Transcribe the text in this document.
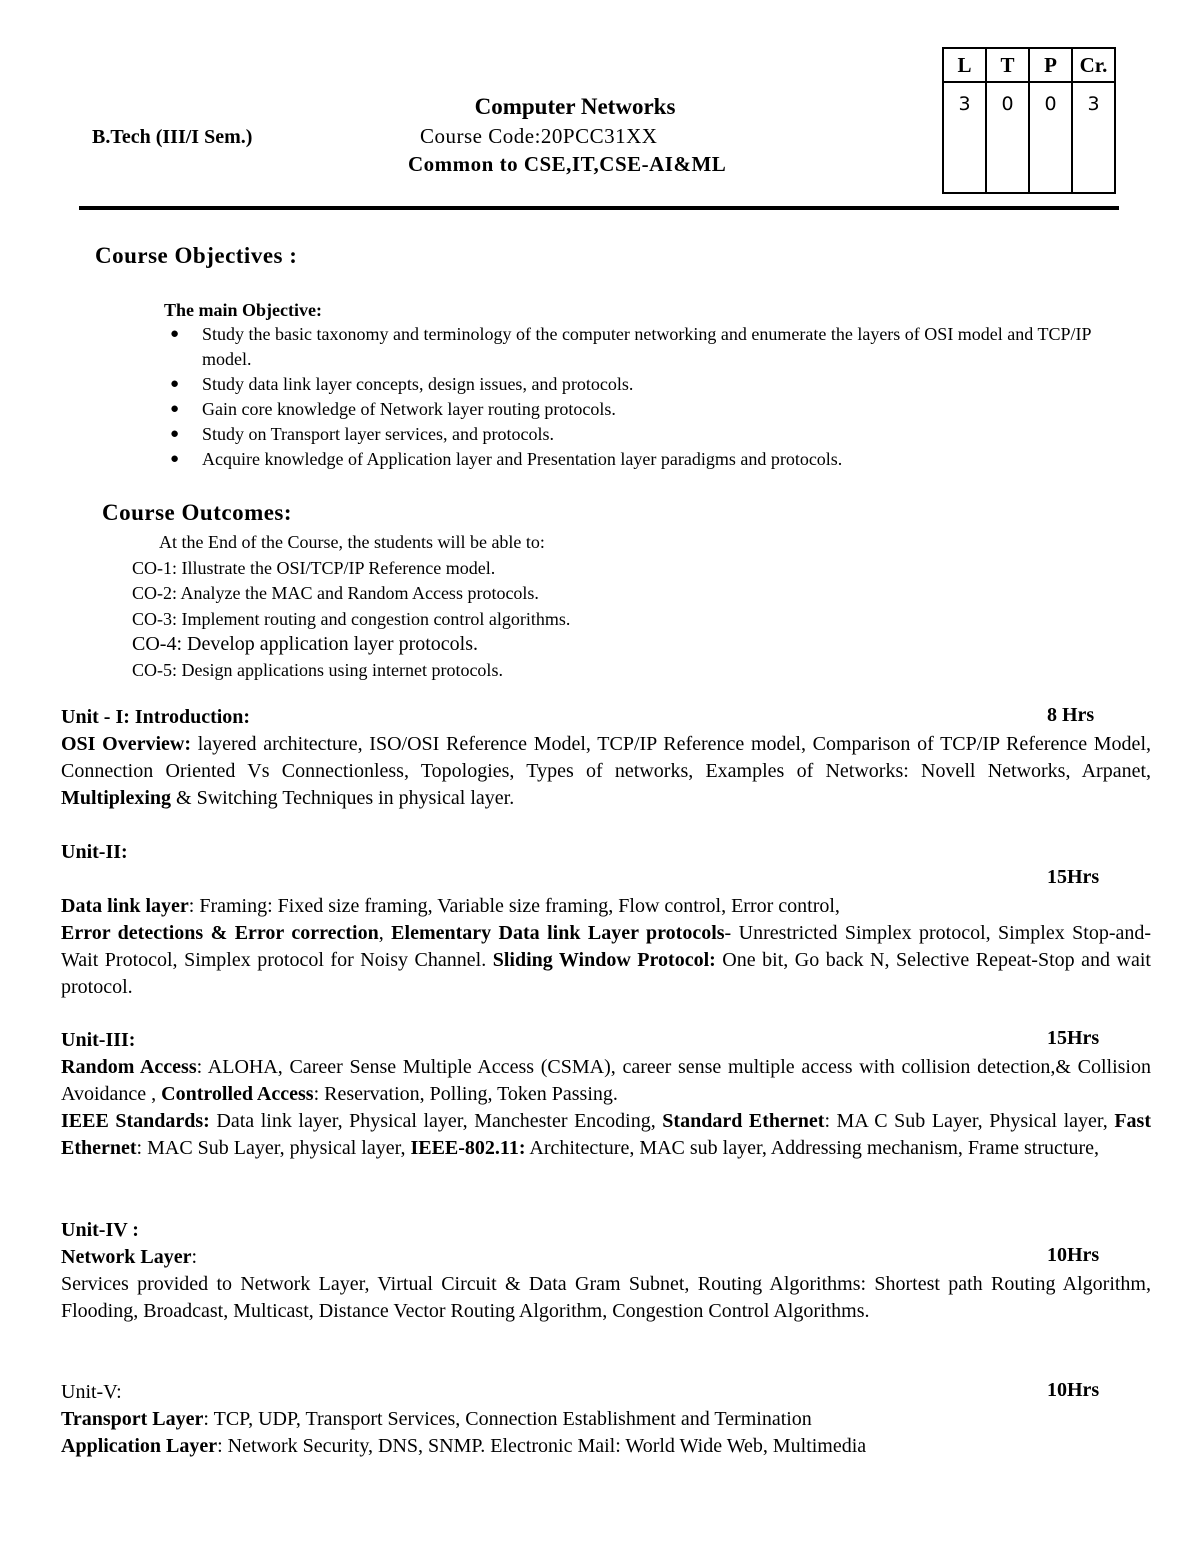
Computer Networks
B.Tech (III/I Sem.)	Course Code:20PCC31XX
Common to CSE,IT,CSE-AI&ML
L	T	P	Cr.
3	0	0	3
Course Objectives :
The main Objective:
● Study the basic taxonomy and terminology of the computer networking and enumerate the layers of OSI model and TCP/IP model.
● Study data link layer concepts, design issues, and protocols.
● Gain core knowledge of Network layer routing protocols.
● Study on Transport layer services, and protocols.
● Acquire knowledge of Application layer and Presentation layer paradigms and protocols.
Course Outcomes:
At the End of the Course, the students will be able to:
CO-1: Illustrate the OSI/TCP/IP Reference model.
CO-2: Analyze the MAC and Random Access protocols.
CO-3: Implement routing and congestion control algorithms.
CO-4: Develop application layer protocols.
CO-5: Design applications using internet protocols.
Unit - I: Introduction:
OSI Overview: layered architecture, ISO/OSI Reference Model, TCP/IP Reference model, Comparison of TCP/IP Reference Model, Connection Oriented Vs Connectionless, Topologies, Types of networks, Examples of Networks: Novell Networks, Arpanet, Multiplexing & Switching Techniques in physical layer.
8 Hrs
Unit-II:
Data link layer: Framing: Fixed size framing, Variable size framing, Flow control, Error control,
Error detections & Error correction, Elementary Data link Layer protocols- Unrestricted Simplex protocol, Simplex Stop-and-Wait Protocol, Simplex protocol for Noisy Channel. Sliding Window Protocol: One bit, Go back N, Selective Repeat-Stop and wait protocol.
15Hrs
Unit-III:
Random Access: ALOHA, Career Sense Multiple Access (CSMA), career sense multiple access with collision detection,& Collision Avoidance , Controlled Access: Reservation, Polling, Token Passing.
IEEE Standards: Data link layer, Physical layer, Manchester Encoding, Standard Ethernet: MA C Sub Layer, Physical layer, Fast Ethernet: MAC Sub Layer, physical layer, IEEE-802.11: Architecture, MAC sub layer, Addressing mechanism, Frame structure,
15Hrs
Unit-IV :
Network Layer:
Services provided to Network Layer, Virtual Circuit & Data Gram Subnet, Routing Algorithms: Shortest path Routing Algorithm, Flooding, Broadcast, Multicast, Distance Vector Routing Algorithm, Congestion Control Algorithms.
10Hrs
Unit-V:
Transport Layer: TCP, UDP, Transport Services, Connection Establishment and Termination
Application Layer: Network Security, DNS, SNMP. Electronic Mail: World Wide Web, Multimedia
10Hrs
